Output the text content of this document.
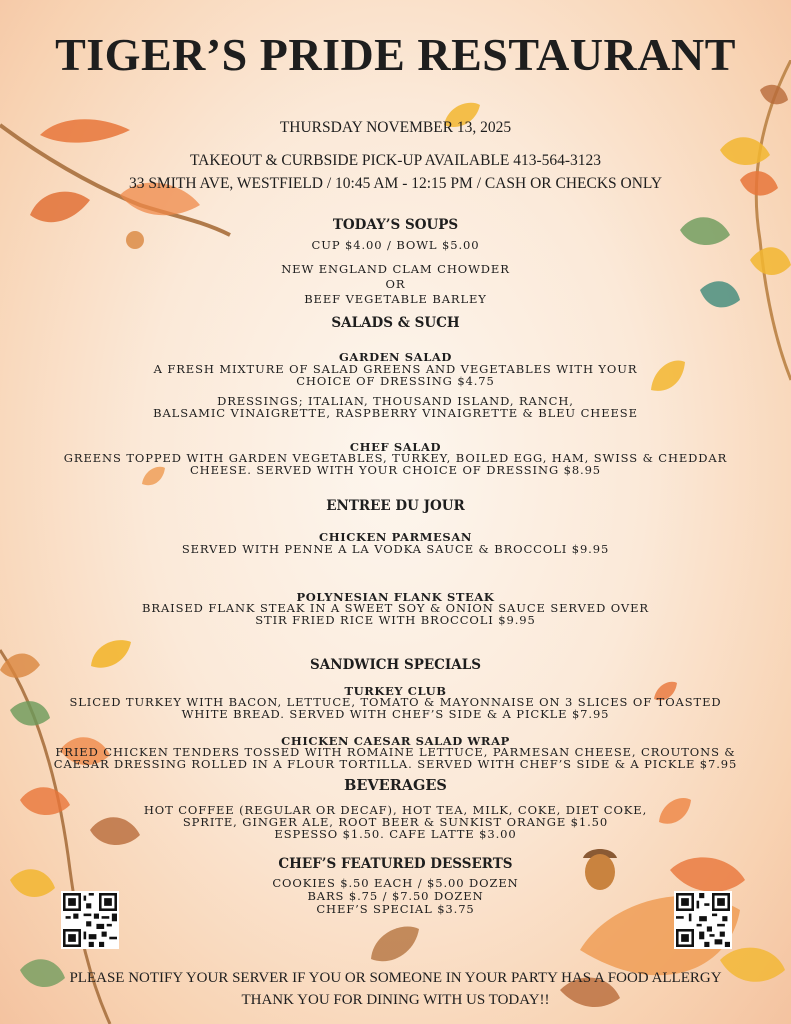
TIGER’S PRIDE RESTAURANT

THURSDAY NOVEMBER 13, 2025

TAKEOUT & CURBSIDE PICK-UP AVAILABLE 413-564-3123

33 SMITH AVE, WESTFIELD / 10:45 AM - 12:15 PM / CASH OR CHECKS ONLY

TODAY’S SOUPS

CUP $4.00 / BOWL $5.00

NEW ENGLAND CLAM CHOWDER

OR

BEEF VEGETABLE BARLEY

SALADS & SUCH

GARDEN SALAD

A FRESH MIXTURE OF SALAD GREENS AND VEGETABLES WITH YOUR

CHOICE OF DRESSING $4.75

DRESSINGS; ITALIAN, THOUSAND ISLAND, RANCH,

BALSAMIC VINAIGRETTE, RASPBERRY VINAIGRETTE & BLEU CHEESE

CHEF SALAD

GREENS TOPPED WITH GARDEN VEGETABLES, TURKEY, BOILED EGG, HAM, SWISS & CHEDDAR

CHEESE. SERVED WITH YOUR CHOICE OF DRESSING $8.95

ENTREE DU JOUR

CHICKEN PARMESAN

SERVED WITH PENNE A LA VODKA SAUCE & BROCCOLI $9.95

POLYNESIAN FLANK STEAK

BRAISED FLANK STEAK IN A SWEET SOY & ONION SAUCE SERVED OVER

STIR FRIED RICE WITH BROCCOLI $9.95

SANDWICH SPECIALS

TURKEY CLUB

SLICED TURKEY WITH BACON, LETTUCE, TOMATO & MAYONNAISE ON 3 SLICES OF TOASTED

WHITE BREAD. SERVED WITH CHEF’S SIDE & A PICKLE $7.95

CHICKEN CAESAR SALAD WRAP

FRIED CHICKEN TENDERS TOSSED WITH ROMAINE LETTUCE, PARMESAN CHEESE, CROUTONS &

CAESAR DRESSING ROLLED IN A FLOUR TORTILLA. SERVED WITH CHEF’S SIDE & A PICKLE $7.95

BEVERAGES

HOT COFFEE (REGULAR OR DECAF), HOT TEA, MILK, COKE, DIET COKE,

SPRITE, GINGER ALE, ROOT BEER & SUNKIST ORANGE $1.50

ESPESSO $1.50. CAFE LATTE $3.00

CHEF’S FEATURED DESSERTS

COOKIES $.50 EACH / $5.00 DOZEN

BARS $.75 / $7.50 DOZEN

CHEF’S SPECIAL $3.75

PLEASE NOTIFY YOUR SERVER IF YOU OR SOMEONE IN YOUR PARTY HAS A FOOD ALLERGY

THANK YOU FOR DINING WITH US TODAY!!
